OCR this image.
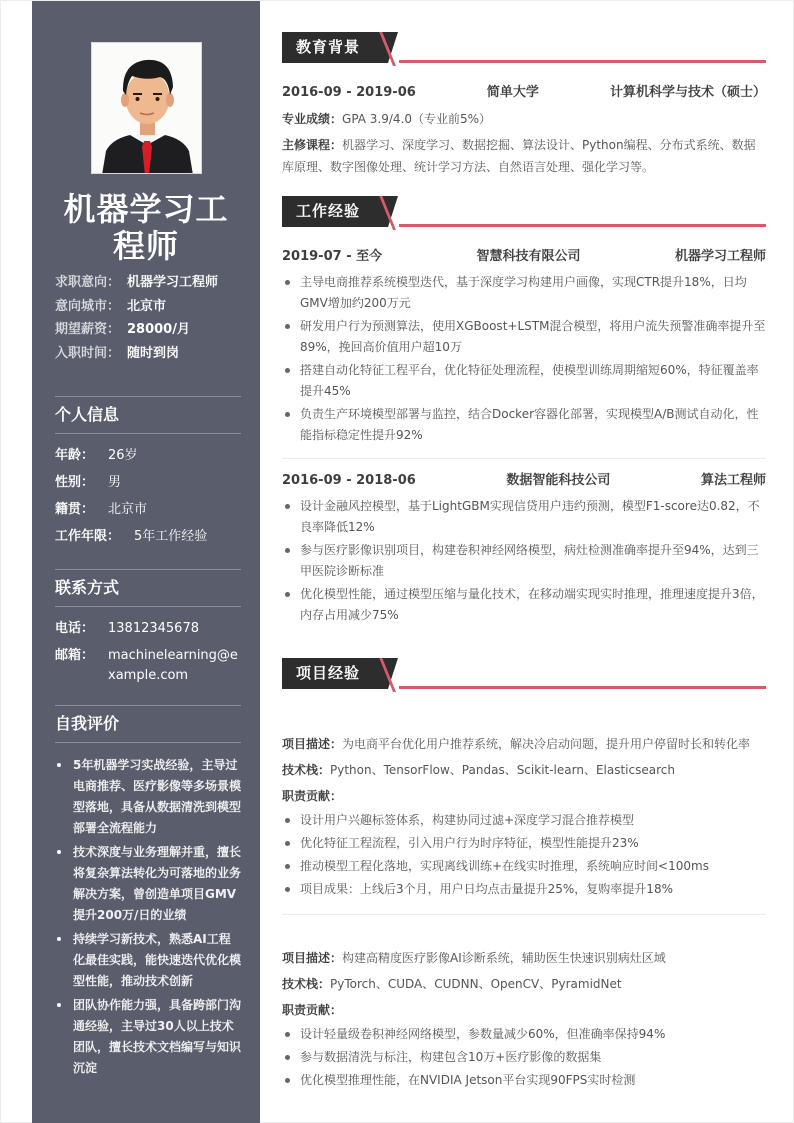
机器学习工程师
求职意向： 机器学习工程师
意向城市： 北京市
期望薪资： 28000/月
入职时间： 随时到岗
个人信息
年龄：	26岁
性别：	男
籍贯：	北京市
工作年限：	5年工作经验
联系方式
电话：	13812345678
邮箱：	machinelearning@example.com
自我评价
5年机器学习实战经验，主导过电商推荐、医疗影像等多场景模型落地，具备从数据清洗到模型部署全流程能力
技术深度与业务理解并重，擅长将复杂算法转化为可落地的业务解决方案，曾创造单项目GMV提升200万/日的业绩
持续学习新技术，熟悉AI工程化最佳实践，能快速迭代优化模型性能，推动技术创新
团队协作能力强，具备跨部门沟通经验，主导过30人以上技术团队，擅长技术文档编写与知识沉淀
教育背景
2016-09 - 2019-06	简单大学	计算机科学与技术（硕士）
专业成绩：GPA 3.9/4.0（专业前5%）
主修课程：机器学习、深度学习、数据挖掘、算法设计、Python编程、分布式系统、数据库原理、数字图像处理、统计学习方法、自然语言处理、强化学习等。
工作经验
2019-07 - 至今	智慧科技有限公司	机器学习工程师
主导电商推荐系统模型迭代，基于深度学习构建用户画像，实现CTR提升18%，日均GMV增加约200万元
研发用户行为预测算法，使用XGBoost+LSTM混合模型，将用户流失预警准确率提升至89%，挽回高价值用户超10万
搭建自动化特征工程平台，优化特征处理流程，使模型训练周期缩短60%，特征覆盖率提升45%
负责生产环境模型部署与监控，结合Docker容器化部署，实现模型A/B测试自动化，性能指标稳定性提升92%
2016-09 - 2018-06	数据智能科技公司	算法工程师
设计金融风控模型，基于LightGBM实现信贷用户违约预测，模型F1-score达0.82，不良率降低12%
参与医疗影像识别项目，构建卷积神经网络模型，病灶检测准确率提升至94%，达到三甲医院诊断标准
优化模型性能，通过模型压缩与量化技术，在移动端实现实时推理，推理速度提升3倍，内存占用减少75%
项目经验
项目描述：为电商平台优化用户推荐系统，解决冷启动问题，提升用户停留时长和转化率
技术栈：Python、TensorFlow、Pandas、Scikit-learn、Elasticsearch
职责贡献：
设计用户兴趣标签体系，构建协同过滤+深度学习混合推荐模型
优化特征工程流程，引入用户行为时序特征，模型性能提升23%
推动模型工程化落地，实现离线训练+在线实时推理，系统响应时间<100ms
项目成果：上线后3个月，用户日均点击量提升25%，复购率提升18%
项目描述：构建高精度医疗影像AI诊断系统，辅助医生快速识别病灶区域
技术栈：PyTorch、CUDA、CUDNN、OpenCV、PyramidNet
职责贡献：
设计轻量级卷积神经网络模型，参数量减少60%，但准确率保持94%
参与数据清洗与标注，构建包含10万+医疗影像的数据集
优化模型推理性能，在NVIDIA Jetson平台实现90FPS实时检测
